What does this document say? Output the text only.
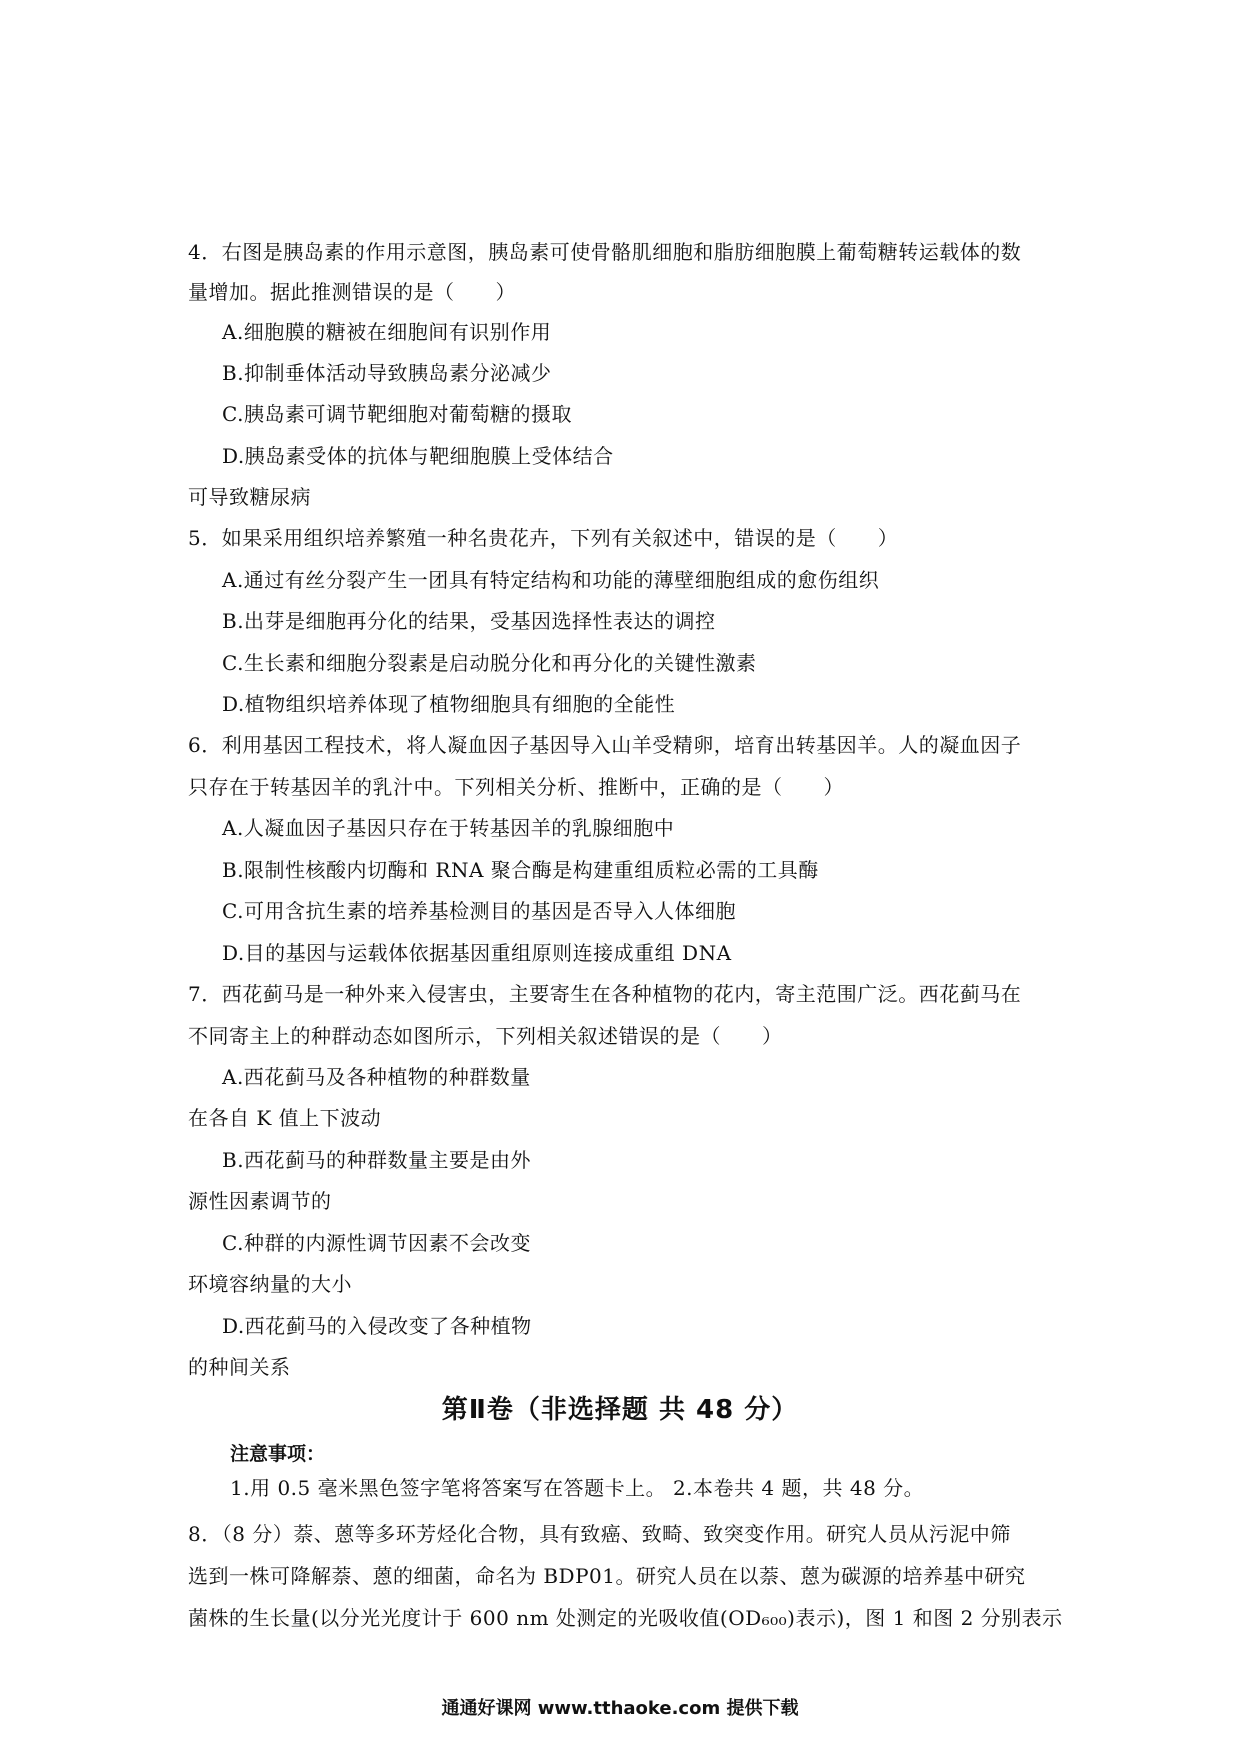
4．右图是胰岛素的作用示意图，胰岛素可使骨骼肌细胞和脂肪细胞膜上葡萄糖转运载体的数
量增加。据此推测错误的是（　　）
A.细胞膜的糖被在细胞间有识别作用
B.抑制垂体活动导致胰岛素分泌减少
C.胰岛素可调节靶细胞对葡萄糖的摄取
D.胰岛素受体的抗体与靶细胞膜上受体结合
可导致糖尿病
5．如果采用组织培养繁殖一种名贵花卉，下列有关叙述中，错误的是（　　）
A.通过有丝分裂产生一团具有特定结构和功能的薄壁细胞组成的愈伤组织
B.出芽是细胞再分化的结果，受基因选择性表达的调控
C.生长素和细胞分裂素是启动脱分化和再分化的关键性激素
D.植物组织培养体现了植物细胞具有细胞的全能性
6．利用基因工程技术，将人凝血因子基因导入山羊受精卵，培育出转基因羊。人的凝血因子
只存在于转基因羊的乳汁中。下列相关分析、推断中，正确的是（　　）
A.人凝血因子基因只存在于转基因羊的乳腺细胞中
B.限制性核酸内切酶和 RNA 聚合酶是构建重组质粒必需的工具酶
C.可用含抗生素的培养基检测目的基因是否导入人体细胞
D.目的基因与运载体依据基因重组原则连接成重组 DNA
7．西花蓟马是一种外来入侵害虫，主要寄生在各种植物的花内，寄主范围广泛。西花蓟马在
不同寄主上的种群动态如图所示，下列相关叙述错误的是（　　）
A.西花蓟马及各种植物的种群数量
在各自 K 值上下波动
B.西花蓟马的种群数量主要是由外
源性因素调节的
C.种群的内源性调节因素不会改变
环境容纳量的大小
D.西花蓟马的入侵改变了各种植物
的种间关系
第Ⅱ卷（非选择题 共 48 分）
注意事项：
1.用 0.5 毫米黑色签字笔将答案写在答题卡上。 2.本卷共 4 题，共 48 分。
8．（8 分）萘、蒽等多环芳烃化合物，具有致癌、致畸、致突变作用。研究人员从污泥中筛
选到一株可降解萘、蒽的细菌，命名为 BDP01。研究人员在以萘、蒽为碳源的培养基中研究
菌株的生长量(以分光光度计于 600 nm 处测定的光吸收值(OD₆₀₀)表示)，图 1 和图 2 分别表示
通通好课网 www.tthaoke.com 提供下载
